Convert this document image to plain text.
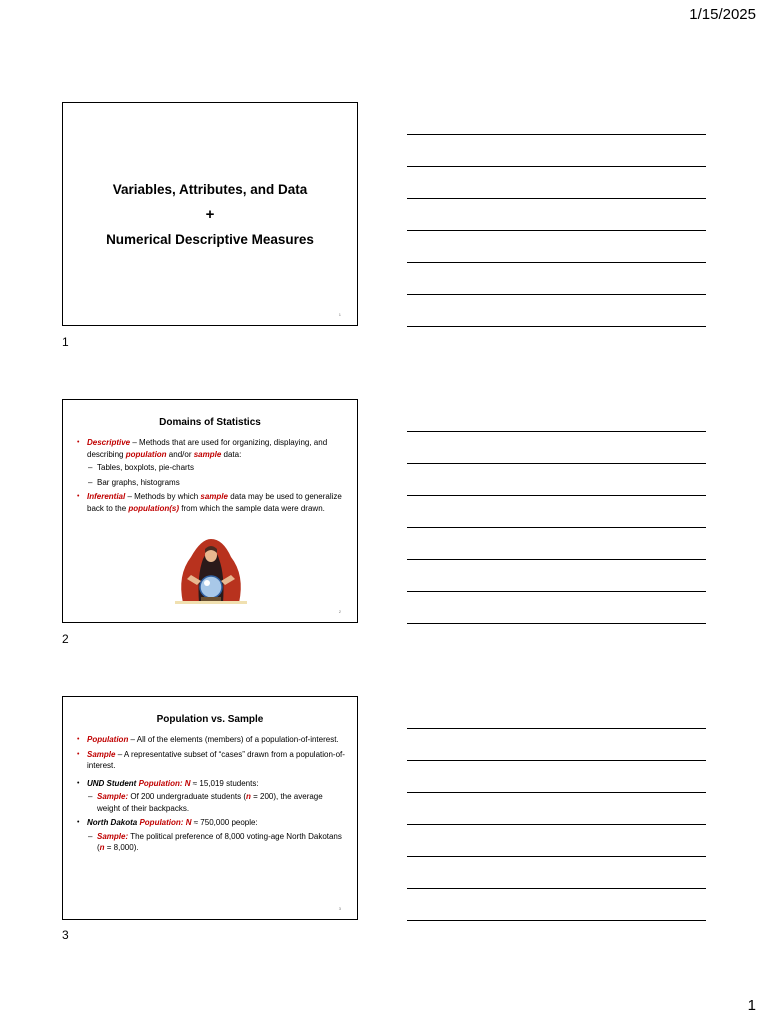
1/15/2025
Variables, Attributes, and Data
+
Numerical Descriptive Measures
1
1
Domains of Statistics
• Descriptive – Methods that are used for organizing, displaying, and describing population and/or sample data:
– Tables, boxplots, pie-charts
– Bar graphs, histograms
• Inferential – Methods by which sample data may be used to generalize back to the population(s) from which the sample data were drawn.
2
2
Population vs. Sample
• Population – All of the elements (members) of a population-of-interest.
• Sample – A representative subset of “cases” drawn from a population-of-interest.
• UND Student Population: N ≈ 15,019 students:
– Sample: Of 200 undergraduate students (n = 200), the average weight of their backpacks.
• North Dakota Population: N ≈ 750,000 people:
– Sample: The political preference of 8,000 voting-age North Dakotans (n = 8,000).
3
3
1
